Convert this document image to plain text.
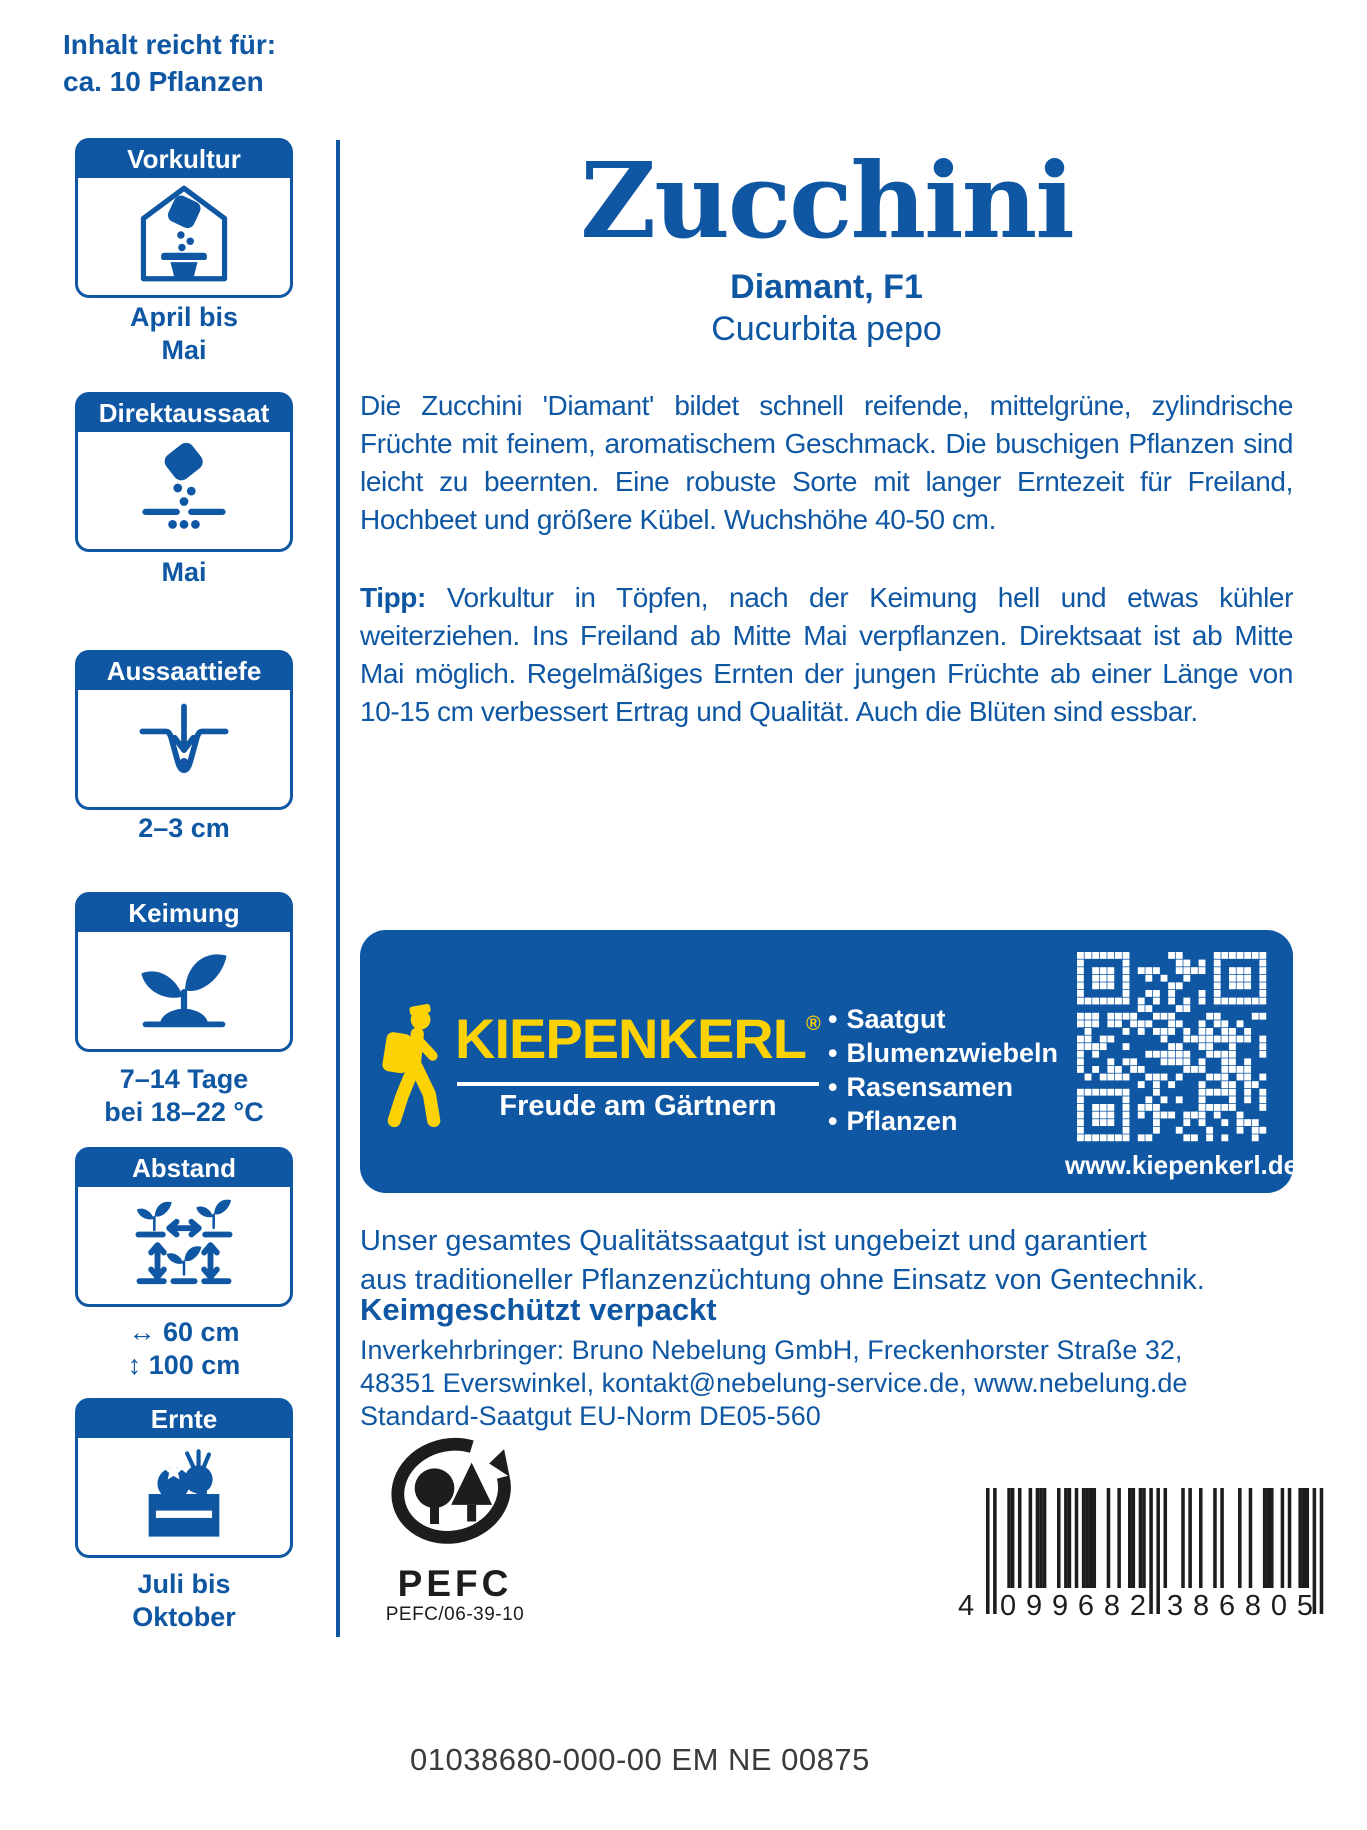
Inhalt reicht für:
ca. 10 Pflanzen
Vorkultur
April bis
Mai
Direktaussaat
Mai
Aussaattiefe
2–3 cm
Keimung
7–14 Tage
bei 18–22 °C
Abstand
↔ 60 cm
↕ 100 cm
Ernte
Juli bis
Oktober
Zucchini
Diamant, F1
Cucurbita pepo

Die Zucchini 'Diamant' bildet schnell reifende, mittelgrüne, zylindrische Früchte mit feinem, aromatischem Geschmack. Die buschigen Pflanzen sind leicht zu beernten. Eine robuste Sorte mit langer Erntezeit für Freiland, Hochbeet und größere Kübel. Wuchshöhe 40-50 cm.

Tipp: Vorkultur in Töpfen, nach der Keimung hell und etwas kühler weiterziehen. Ins Freiland ab Mitte Mai verpflanzen. Direktsaat ist ab Mitte Mai möglich. Regelmäßiges Ernten der jungen Früchte ab einer Länge von 10-15 cm verbessert Ertrag und Qualität. Auch die Blüten sind essbar.

KIEPENKERL®
Freude am Gärtnern
• Saatgut
• Blumenzwiebeln
• Rasensamen
• Pflanzen
www.kiepenkerl.de
Unser gesamtes Qualitätssaatgut ist ungebeizt und garantiert
aus traditioneller Pflanzenzüchtung ohne Einsatz von Gentechnik.
Keimgeschützt verpackt
Inverkehrbringer: Bruno Nebelung GmbH, Freckenhorster Straße 32,
48351 Everswinkel, kontakt@nebelung-service.de, www.nebelung.de
Standard-Saatgut EU-Norm DE05-560
PEFC
PEFC/06-39-10	4 0 9 9 6 8 2 3 8 6 8 0 5
01038680-000-00 EM NE 00875
